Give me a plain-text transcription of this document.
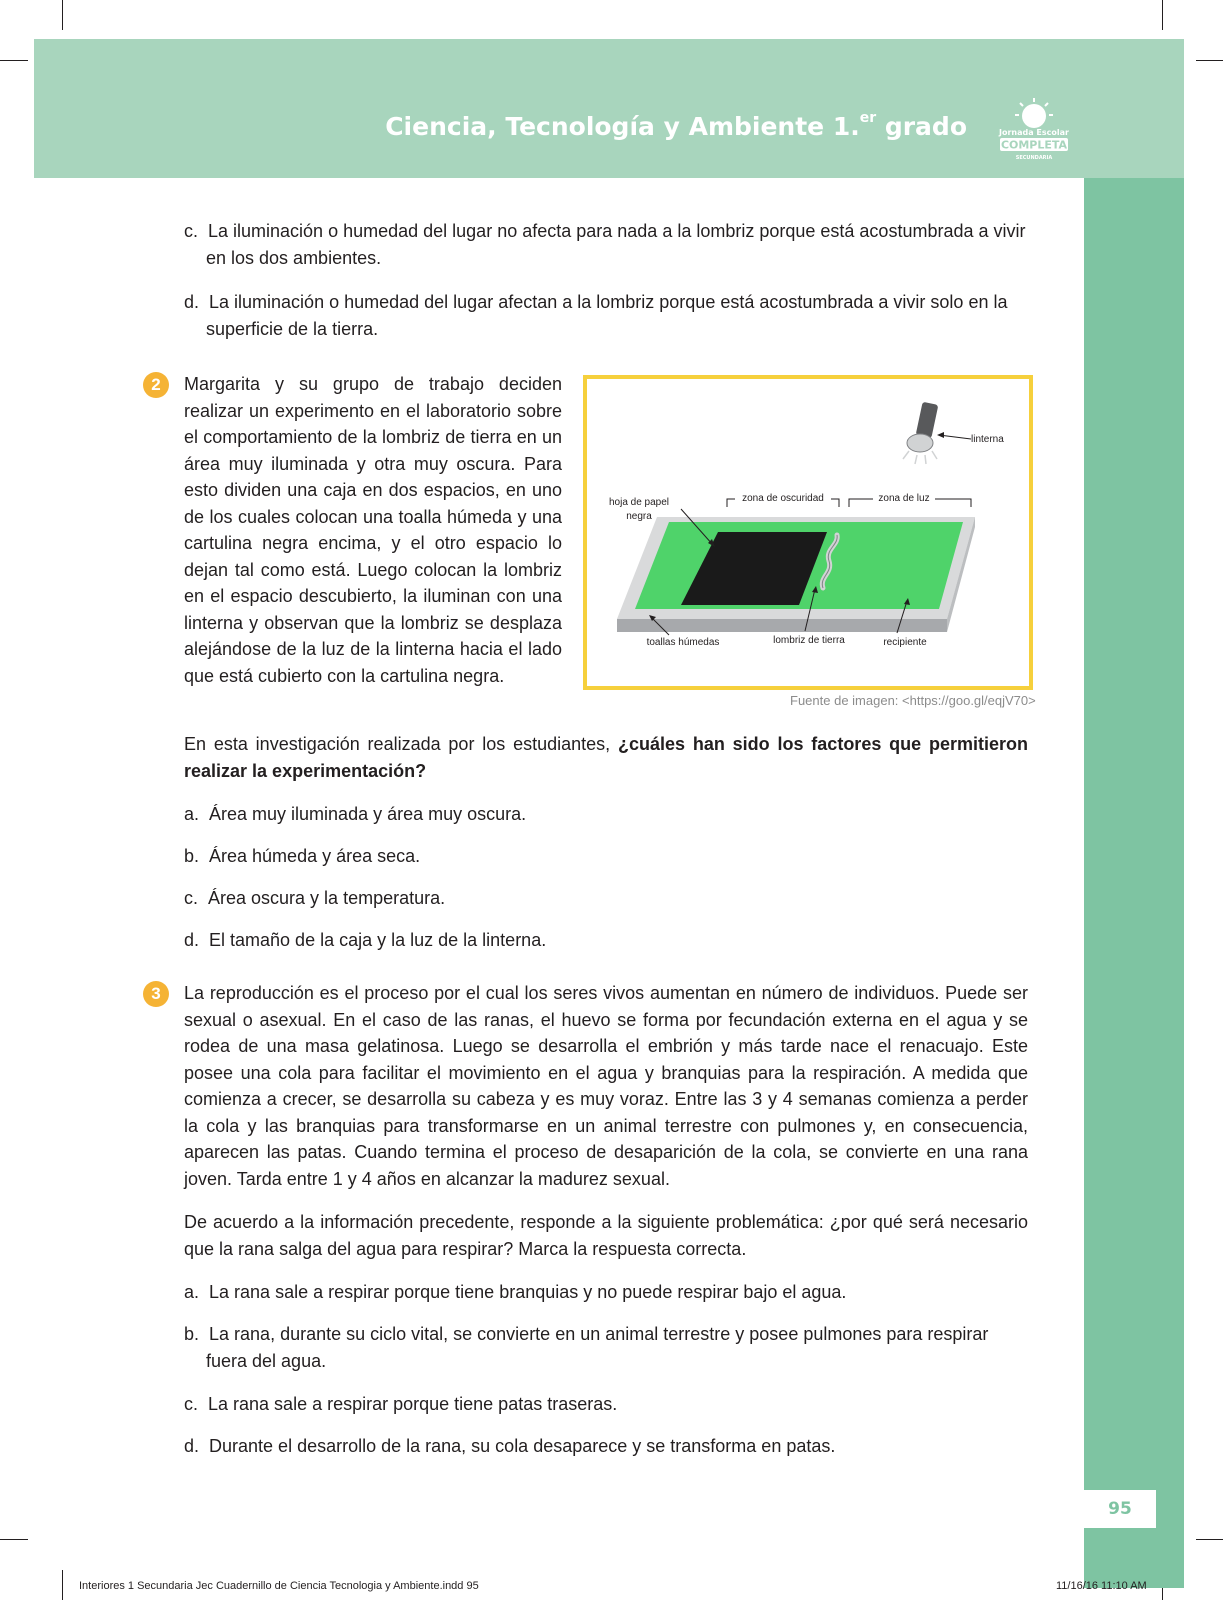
Ciencia, Tecnología y Ambiente 1.$^{er}$ grado	Jornada Escolar
COMPLETA
SECUNDARIA
95
c.  La iluminación o humedad del lugar no afecta para nada a la lombriz porque está acostumbrada a vivir en los dos ambientes.
d.  La iluminación o humedad del lugar afectan a la lombriz porque está acostumbrada a vivir solo en la superficie de la tierra.
2	Margarita y su grupo de trabajo deciden realizar un experimento en el laboratorio sobre el comportamiento de la lombriz de tierra en un área muy iluminada y otra muy oscura. Para esto dividen una caja en dos espacios, en uno de los cuales colocan una toalla húmeda y una cartulina negra encima, y el otro espacio lo dejan tal como está. Luego colocan la lombriz en el espacio descubierto, la iluminan con una linterna y observan que la lombriz se desplaza alejándose de la luz de la linterna hacia el lado que está cubierto con la cartulina negra.
linterna
zona de oscuridad	zona de luz
hoja de papel
negra
toallas húmedas	lombriz de tierra	recipiente
Fuente de imagen: <https://goo.gl/eqjV70>
En esta investigación realizada por los estudiantes, ¿cuáles han sido los factores que permitieron realizar la experimentación?
a.  Área muy iluminada y área muy oscura.
b.  Área húmeda y área seca.
c.  Área oscura y la temperatura.
d.  El tamaño de la caja y la luz de la linterna.
3	La reproducción es el proceso por el cual los seres vivos aumentan en número de individuos. Puede ser sexual o asexual. En el caso de las ranas, el huevo se forma por fecundación externa en el agua y se rodea de una masa gelatinosa. Luego se desarrolla el embrión y más tarde nace el renacuajo. Este posee una cola para facilitar el movimiento en el agua y branquias para la respiración. A medida que comienza a crecer, se desarrolla su cabeza y es muy voraz. Entre las 3 y 4 semanas comienza a perder la cola y las branquias para transformarse en un animal terrestre con pulmones y, en consecuencia, aparecen las patas. Cuando termina el proceso de desaparición de la cola, se convierte en una rana joven. Tarda entre 1 y 4 años en alcanzar la madurez sexual.
De acuerdo a la información precedente, responde a la siguiente problemática: ¿por qué será necesario que la rana salga del agua para respirar? Marca la respuesta correcta.
a.  La rana sale a respirar porque tiene branquias y no puede respirar bajo el agua.
b.  La rana, durante su ciclo vital, se convierte en un animal terrestre y posee pulmones para respirar fuera del agua.
c.  La rana sale a respirar porque tiene patas traseras.
d.  Durante el desarrollo de la rana, su cola desaparece y se transforma en patas.
Interiores 1 Secundaria Jec Cuadernillo de Ciencia Tecnologia y Ambiente.indd 95	11/16/16 11:10 AM
